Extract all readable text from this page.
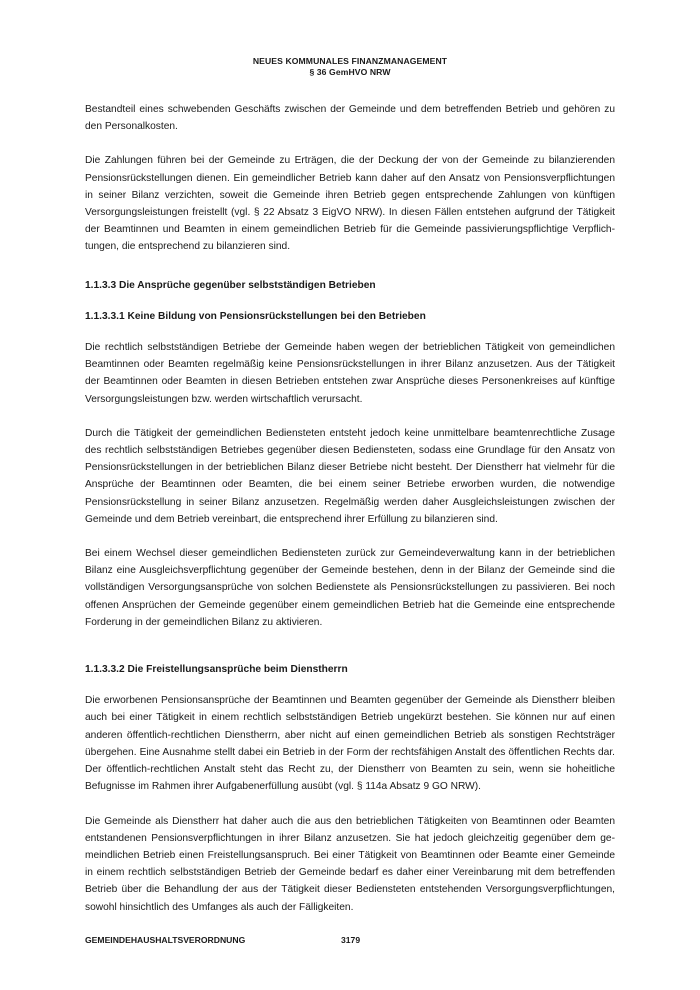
NEUES KOMMUNALES FINANZMANAGEMENT
§ 36 GemHVO NRW

Bestandteil eines schwebenden Geschäfts zwischen der Gemeinde und dem betreffenden Betrieb und gehören zu den Personalkosten.

Die Zahlungen führen bei der Gemeinde zu Erträgen, die der Deckung der von der Gemeinde zu bilanzierenden Pensionsrückstellungen dienen. Ein gemeindlicher Betrieb kann daher auf den Ansatz von Pensionsverpflichtungen in seiner Bilanz verzichten, soweit die Gemeinde ihren Betrieb gegen entsprechende Zahlungen von künftigen Versorgungsleistungen freistellt (vgl. § 22 Absatz 3 EigVO NRW). In diesen Fällen entstehen aufgrund der Tätigkeit der Beamtinnen und Beamten in einem gemeindlichen Betrieb für die Gemeinde passivierungspflichtige Verpflichtungen, die entsprechend zu bilanzieren sind.

1.1.3.3 Die Ansprüche gegenüber selbstständigen Betrieben

1.1.3.3.1 Keine Bildung von Pensionsrückstellungen bei den Betrieben

Die rechtlich selbstständigen Betriebe der Gemeinde haben wegen der betrieblichen Tätigkeit von gemeindlichen Beamtinnen oder Beamten regelmäßig keine Pensionsrückstellungen in ihrer Bilanz anzusetzen. Aus der Tätigkeit der Beamtinnen oder Beamten in diesen Betrieben entstehen zwar Ansprüche dieses Personenkreises auf künftige Versorgungsleistungen bzw. werden wirtschaftlich verursacht.

Durch die Tätigkeit der gemeindlichen Bediensteten entsteht jedoch keine unmittelbare beamtenrechtliche Zusage des rechtlich selbstständigen Betriebes gegenüber diesen Bediensteten, sodass eine Grundlage für den Ansatz von Pensionsrückstellungen in der betrieblichen Bilanz dieser Betriebe nicht besteht. Der Dienstherr hat vielmehr für die Ansprüche der Beamtinnen oder Beamten, die bei einem seiner Betriebe erworben wurden, die notwendige Pensionsrückstellung in seiner Bilanz anzusetzen. Regelmäßig werden daher Ausgleichsleistungen zwischen der Gemeinde und dem Betrieb vereinbart, die entsprechend ihrer Erfüllung zu bilanzieren sind.

Bei einem Wechsel dieser gemeindlichen Bediensteten zurück zur Gemeindeverwaltung kann in der betrieblichen Bilanz eine Ausgleichsverpflichtung gegenüber der Gemeinde bestehen, denn in der Bilanz der Gemeinde sind die vollständigen Versorgungsansprüche von solchen Bedienstete als Pensionsrückstellungen zu passivieren. Bei noch offenen Ansprüchen der Gemeinde gegenüber einem gemeindlichen Betrieb hat die Gemeinde eine entsprechende Forderung in der gemeindlichen Bilanz zu aktivieren.

1.1.3.3.2 Die Freistellungsansprüche beim Dienstherrn

Die erworbenen Pensionsansprüche der Beamtinnen und Beamten gegenüber der Gemeinde als Dienstherr bleiben auch bei einer Tätigkeit in einem rechtlich selbstständigen Betrieb ungekürzt bestehen. Sie können nur auf einen anderen öffentlich-rechtlichen Dienstherrn, aber nicht auf einen gemeindlichen Betrieb als sonstigen Rechtsträger übergehen. Eine Ausnahme stellt dabei ein Betrieb in der Form der rechtsfähigen Anstalt des öffentlichen Rechts dar. Der öffentlich-rechtlichen Anstalt steht das Recht zu, der Dienstherr von Beamten zu sein, wenn sie hoheitliche Befugnisse im Rahmen ihrer Aufgabenerfüllung ausübt (vgl. § 114a Absatz 9 GO NRW).

Die Gemeinde als Dienstherr hat daher auch die aus den betrieblichen Tätigkeiten von Beamtinnen oder Beamten entstandenen Pensionsverpflichtungen in ihrer Bilanz anzusetzen. Sie hat jedoch gleichzeitig gegenüber dem gemeindlichen Betrieb einen Freistellungsanspruch. Bei einer Tätigkeit von Beamtinnen oder Beamte einer Gemeinde in einem rechtlich selbstständigen Betrieb der Gemeinde bedarf es daher einer Vereinbarung mit dem betreffenden Betrieb über die Behandlung der aus der Tätigkeit dieser Bediensteten entstehenden Versorgungsverpflichtungen, sowohl hinsichtlich des Umfanges als auch der Fälligkeiten.

GEMEINDEHAUSHALTSVERORDNUNG	3179
